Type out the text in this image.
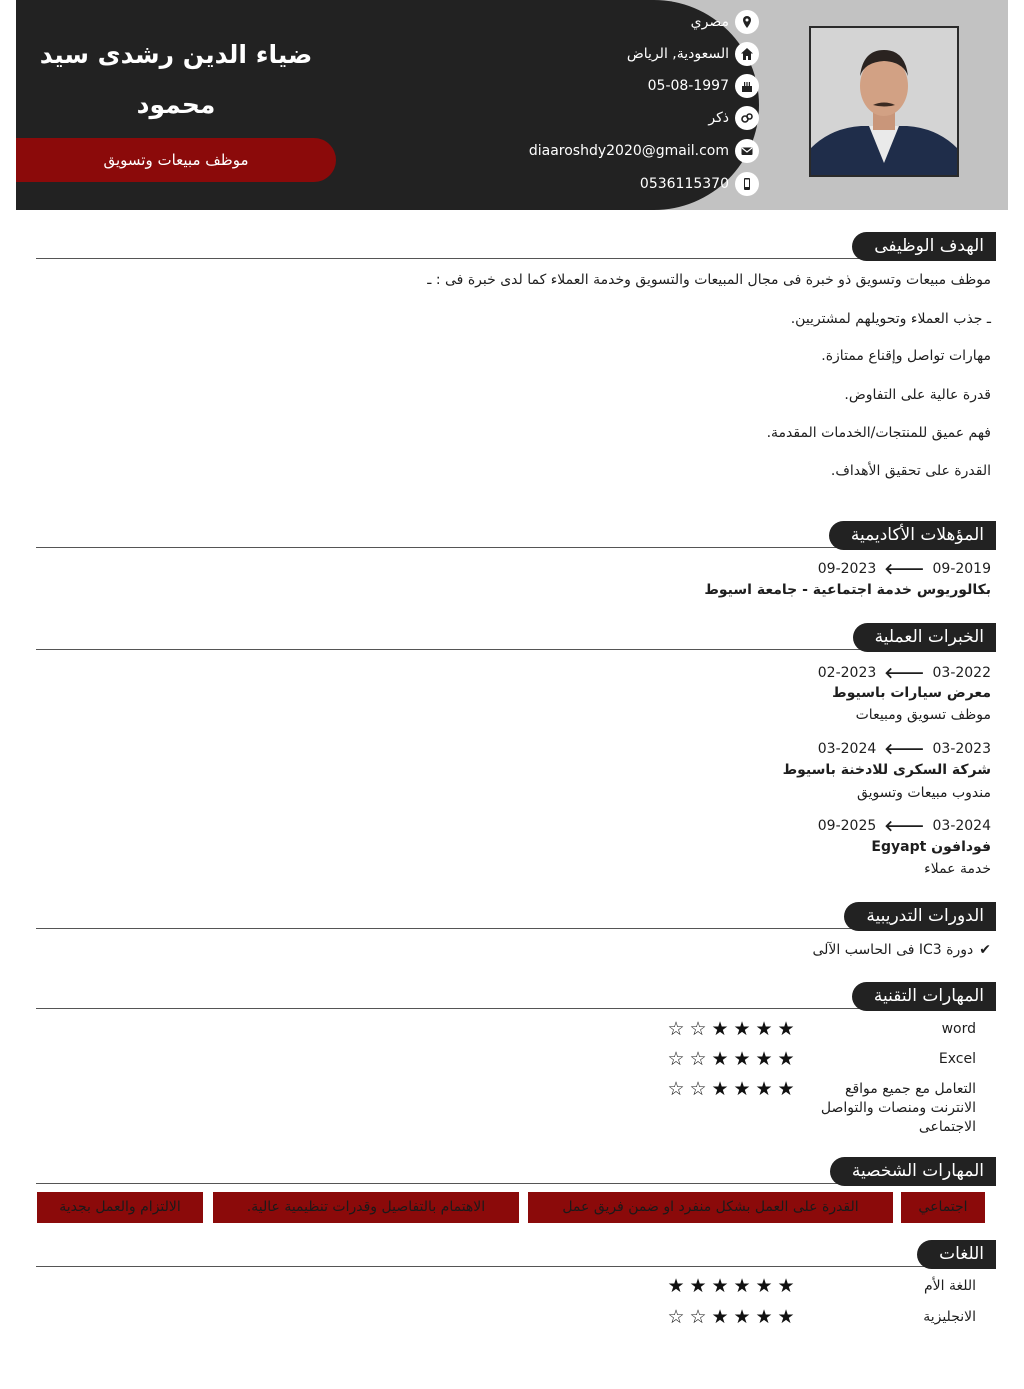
ضياء الدين رشدى سيد محمود
موظف مبيعات وتسويق
مصري
السعودية, الرياض
05-08-1997
ذكر
diaaroshdy2020@gmail.com
0536115370
الهدف الوظيفى
موظف مبيعات وتسويق ذو خبرة فى مجال المبيعات والتسويق وخدمة العملاء كما لدى خبرة فى : ـ
ـ جذب العملاء وتحويلهم لمشتريين.
مهارات تواصل وإقناع ممتازة.
قدرة عالية على التفاوض.
فهم عميق للمنتجات/الخدمات المقدمة.
القدرة على تحقيق الأهداف.
المؤهلات الأكاديمية
09-2023 🡐 09-2019
بكالوريوس خدمة اجتماعية - جامعة اسيوط
الخبرات العملية
02-2023 🡐 03-2022
معرض سيارات باسيوط
موظف تسويق ومبيعات
03-2024 🡐 03-2023
شركة السكرى للادخنة باسيوط
مندوب مبيعات وتسويق
09-2025 🡐 03-2024
فودافون Egyapt
خدمة عملاء
الدورات التدريبية
✔
دورة IC3 فى الحاسب الآلى
المهارات التقنية
word
☆ ☆ ★ ★ ★ ★
Excel
☆ ☆ ★ ★ ★ ★
التعامل مع جميع مواقع الانترنت ومنصات والتواصل الاجتماعى
☆ ☆ ★ ★ ★ ★
المهارات الشخصية
اجتماعي
القدرة على العمل بشكل منفرد او ضمن فريق عمل
الاهتمام بالتفاصيل وقدرات تنظيمية عالية.
الالتزام والعمل بجدية
اللغات
اللغة الأم
★ ★ ★ ★ ★ ★
الانجليزية
☆ ☆ ★ ★ ★ ★
